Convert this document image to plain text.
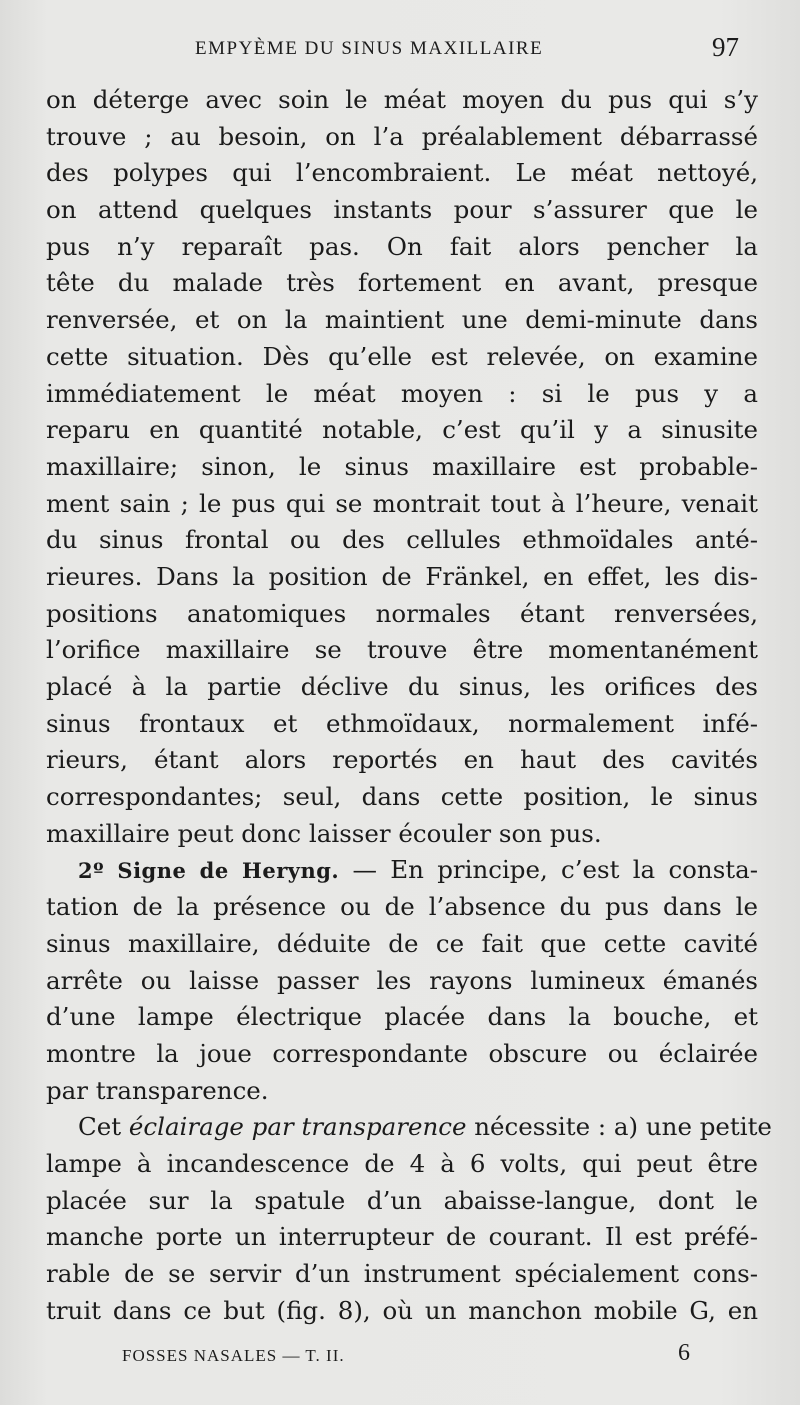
EMPYÈME DU SINUS MAXILLAIRE	97
on déterge avec soin le méat moyen du pus qui s’y
trouve ; au besoin, on l’a préalablement débarrassé
des polypes qui l’encombraient. Le méat nettoyé,
on attend quelques instants pour s’assurer que le
pus n’y reparaît pas. On fait alors pencher la
tête du malade très fortement en avant, presque
renversée, et on la maintient une demi-minute dans
cette situation. Dès qu’elle est relevée, on examine
immédiatement le méat moyen : si le pus y a
reparu en quantité notable, c’est qu’il y a sinusite
maxillaire; sinon, le sinus maxillaire est probable-
ment sain ; le pus qui se montrait tout à l’heure, venait
du sinus frontal ou des cellules ethmoïdales anté-
rieures. Dans la position de Fränkel, en effet, les dis-
positions anatomiques normales étant renversées,
l’orifice maxillaire se trouve être momentanément
placé à la partie déclive du sinus, les orifices des
sinus frontaux et ethmoïdaux, normalement infé-
rieurs, étant alors reportés en haut des cavités
correspondantes; seul, dans cette position, le sinus
maxillaire peut donc laisser écouler son pus.
2º Signe de Heryng. — En principe, c’est la consta-
tation de la présence ou de l’absence du pus dans le
sinus maxillaire, déduite de ce fait que cette cavité
arrête ou laisse passer les rayons lumineux émanés
d’une lampe électrique placée dans la bouche, et
montre la joue correspondante obscure ou éclairée
par transparence.
Cet éclairage par transparence nécessite : a) une petite
lampe à incandescence de 4 à 6 volts, qui peut être
placée sur la spatule d’un abaisse-langue, dont le
manche porte un interrupteur de courant. Il est préfé-
rable de se servir d’un instrument spécialement cons-
truit dans ce but (fig. 8), où un manchon mobile G, en
FOSSES NASALES — T. II.	6
